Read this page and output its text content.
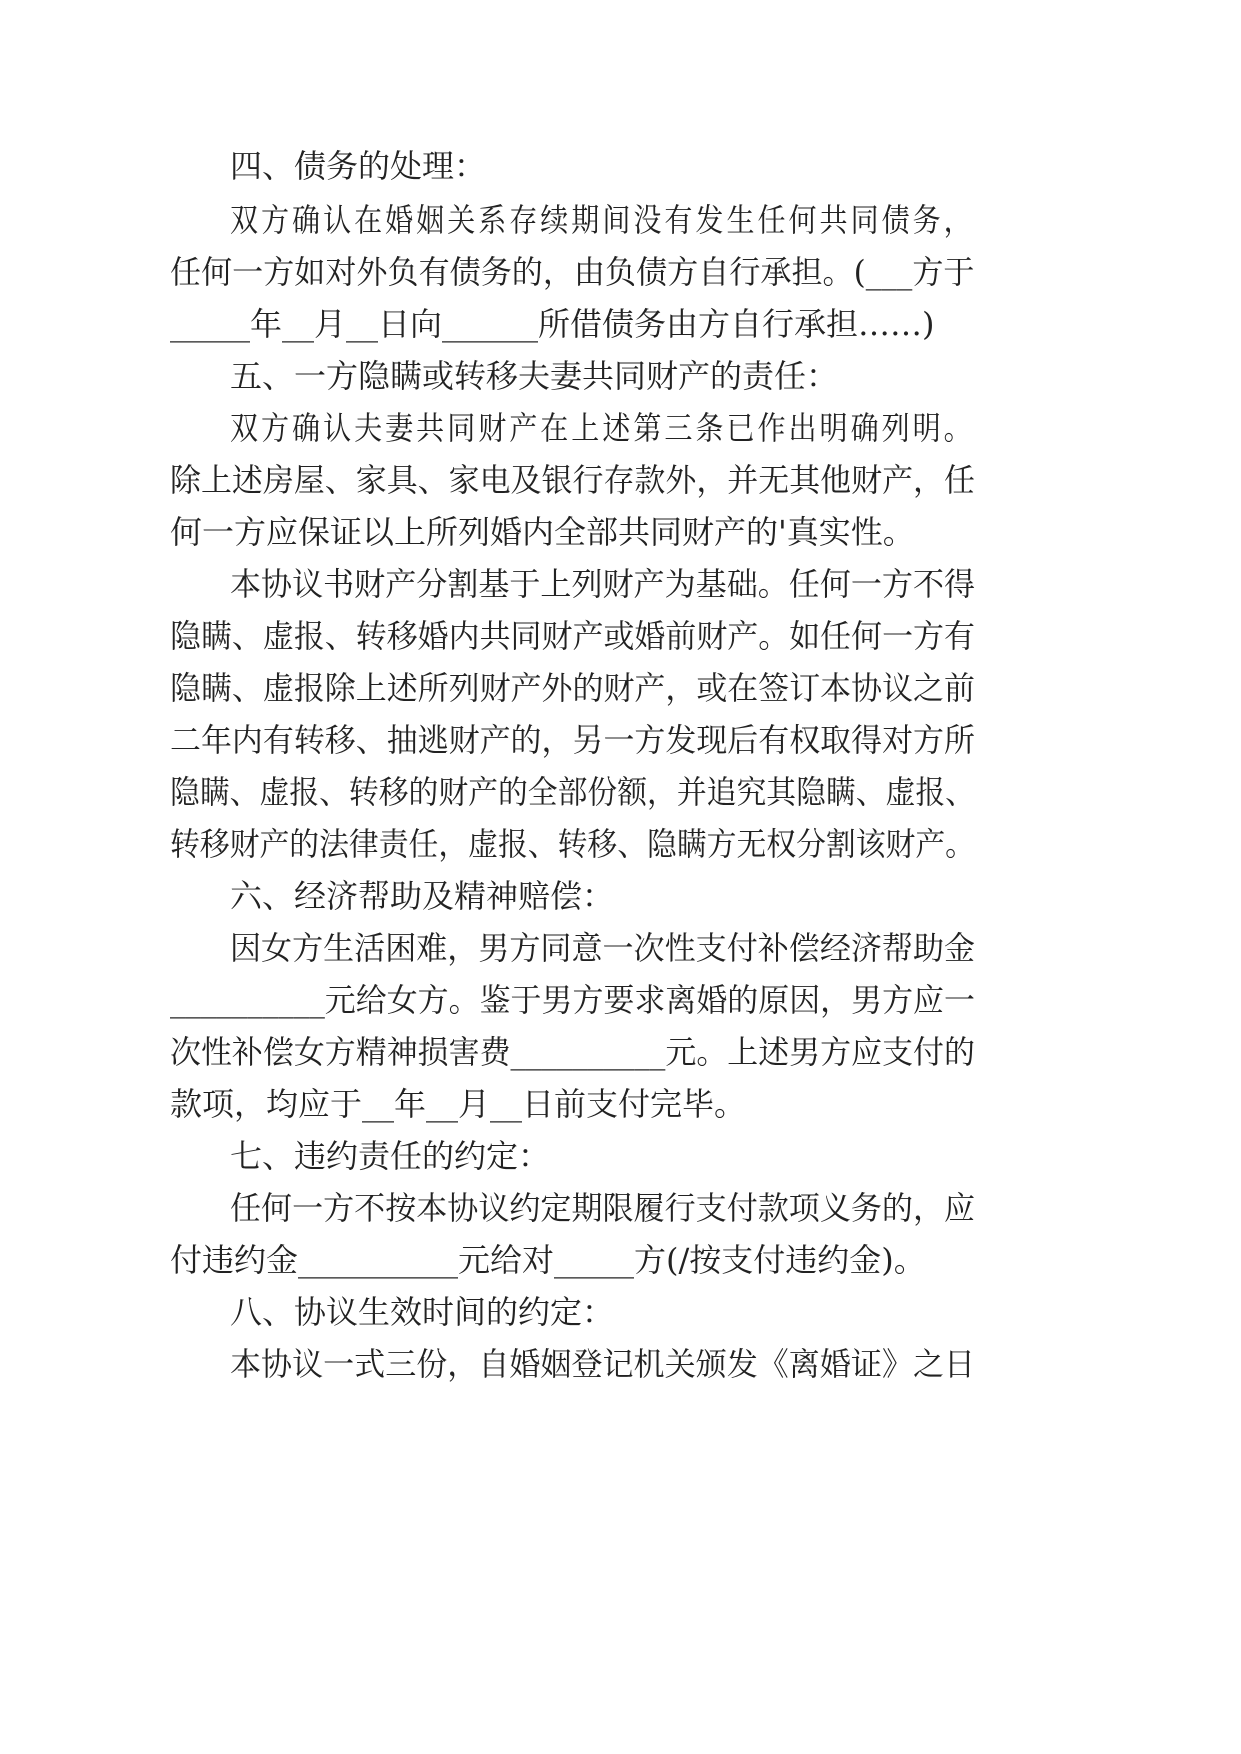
四、债务的处理：
双方确认在婚姻关系存续期间没有发生任何共同债务，
任何一方如对外负有债务的，由负债方自行承担。(___方于
_____年__月__日向______所借债务由方自行承担……)
五、一方隐瞒或转移夫妻共同财产的责任：
双方确认夫妻共同财产在上述第三条已作出明确列明。
除上述房屋、家具、家电及银行存款外，并无其他财产，任
何一方应保证以上所列婚内全部共同财产的'真实性。
本协议书财产分割基于上列财产为基础。任何一方不得
隐瞒、虚报、转移婚内共同财产或婚前财产。如任何一方有
隐瞒、虚报除上述所列财产外的财产，或在签订本协议之前
二年内有转移、抽逃财产的，另一方发现后有权取得对方所
隐瞒、虚报、转移的财产的全部份额，并追究其隐瞒、虚报、
转移财产的法律责任，虚报、转移、隐瞒方无权分割该财产。
六、经济帮助及精神赔偿：
因女方生活困难，男方同意一次性支付补偿经济帮助金
__________元给女方。鉴于男方要求离婚的原因，男方应一
次性补偿女方精神损害费__________元。上述男方应支付的
款项，均应于__年__月__日前支付完毕。
七、违约责任的约定：
任何一方不按本协议约定期限履行支付款项义务的，应
付违约金__________元给对_____方(/按支付违约金)。
八、协议生效时间的约定：
本协议一式三份，自婚姻登记机关颁发《离婚证》之日
